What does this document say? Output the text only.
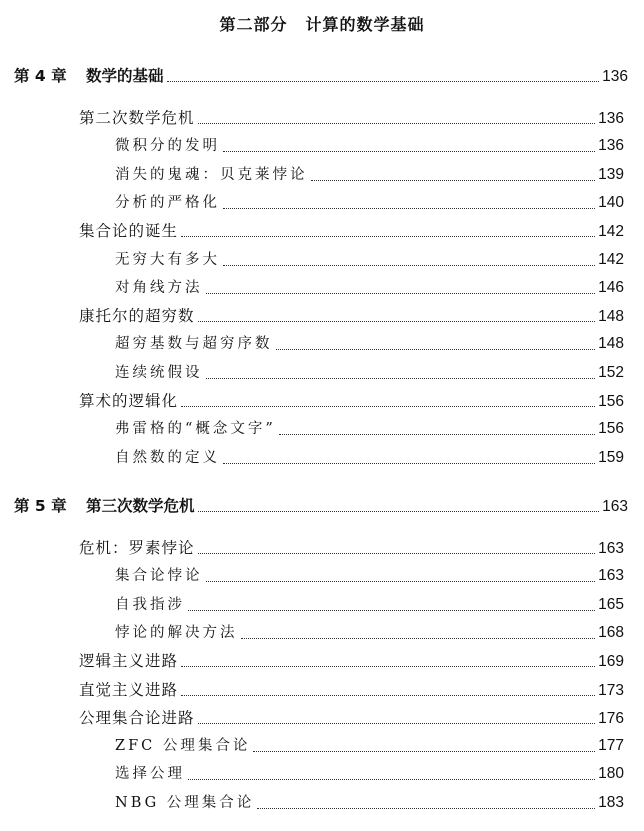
第二部分 计算的数学基础
第 4 章 数学的基础	136
第二次数学危机	136
微积分的发明	136
消失的鬼魂：贝克莱悖论	139
分析的严格化	140
集合论的诞生	142
无穷大有多大	142
对角线方法	146
康托尔的超穷数	148
超穷基数与超穷序数	148
连续统假设	152
算术的逻辑化	156
弗雷格的“概念文字”	156
自然数的定义	159
第 5 章 第三次数学危机	163
危机：罗素悖论	163
集合论悖论	163
自我指涉	165
悖论的解决方法	168
逻辑主义进路	169
直觉主义进路	173
公理集合论进路	176
ZFC 公理集合论	177
选择公理	180
NBG 公理集合论	183
